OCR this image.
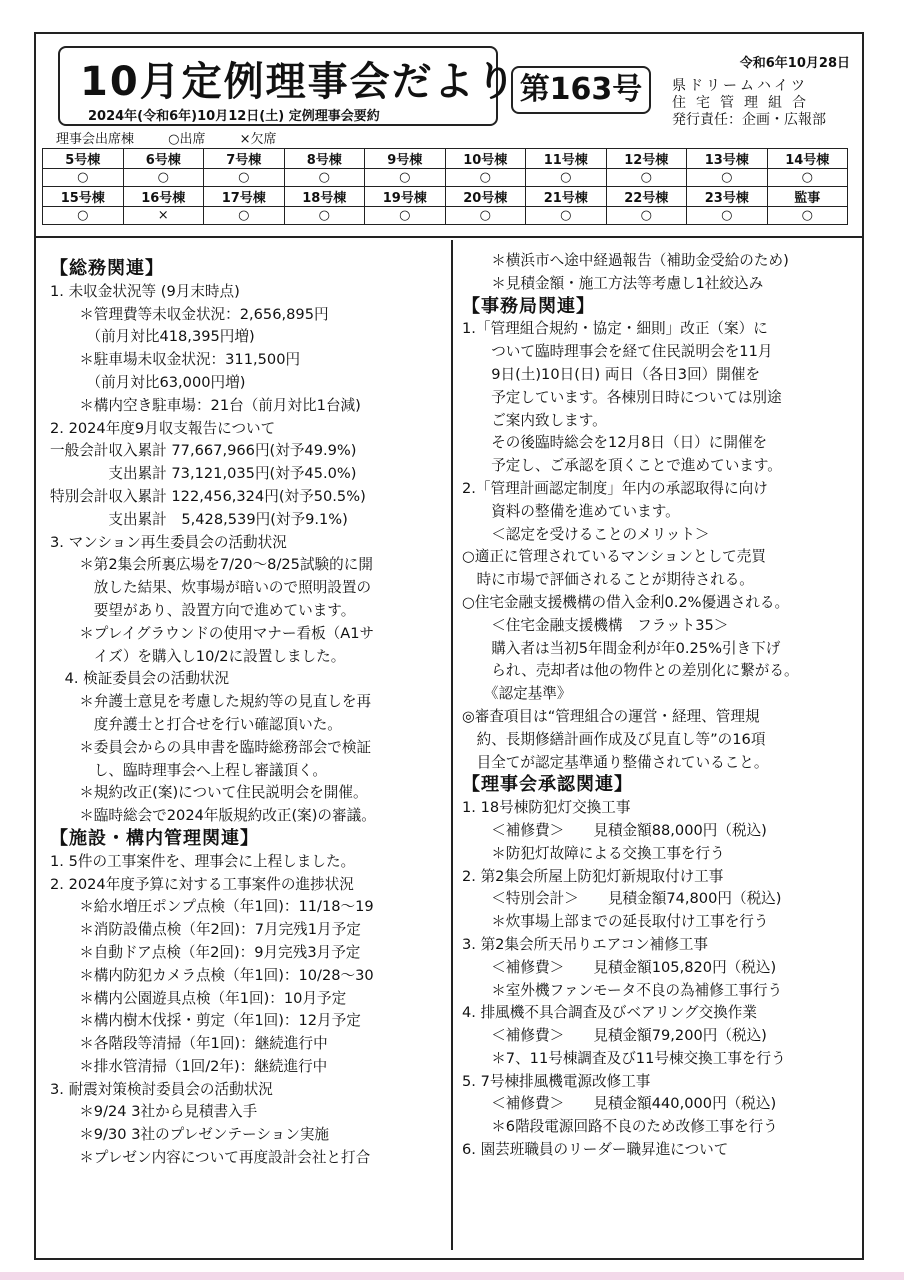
10月定例理事会だより
2024年(令和6年)10月12日(土) 定例理事会要約
第163号
令和6年10月28日
県ドリームハイツ
住宅管理組合
発行責任：企画・広報部
理事会出席棟	○出席	×欠席
5号棟	6号棟	7号棟	8号棟	9号棟	10号棟	11号棟	12号棟	13号棟	14号棟
○	○	○	○	○	○	○	○	○	○
15号棟	16号棟	17号棟	18号棟	19号棟	20号棟	21号棟	22号棟	23号棟	監事
○	×	○	○	○	○	○	○	○	○
【総務関連】
1. 未収金状況等 (9月末時点)
　　＊管理費等未収金状況：2,656,895円
　　　（前月対比418,395円増)
　　＊駐車場未収金状況：311,500円
　　　（前月対比63,000円増)
　　＊構内空き駐車場：21台（前月対比1台減)
2. 2024年度9月収支報告について
一般会計収入累計 77,667,966円(対予49.9%)
　　　　支出累計 73,121,035円(対予45.0%)
特別会計収入累計 122,456,324円(対予50.5%)
　　　　支出累計　5,428,539円(対予9.1%)
3. マンション再生委員会の活動状況
　　＊第2集会所裏広場を7/20～8/25試験的に開
　　　放した結果、炊事場が暗いので照明設置の
　　　要望があり、設置方向で進めています。
　　＊プレイグラウンドの使用マナー看板（A1サ
　　　イズ）を購入し10/2に設置しました。
　4. 検証委員会の活動状況
　　＊弁護士意見を考慮した規約等の見直しを再
　　　度弁護士と打合せを行い確認頂いた。
　　＊委員会からの具申書を臨時総務部会で検証
　　　し、臨時理事会へ上程し審議頂く。
　　＊規約改正(案)について住民説明会を開催。
　　＊臨時総会で2024年版規約改正(案)の審議。
【施設・構内管理関連】
1. 5件の工事案件を、理事会に上程しました。
2. 2024年度予算に対する工事案件の進捗状況
　　＊給水増圧ポンプ点検（年1回)：11/18～19
　　＊消防設備点検（年2回)：7月完残1月予定
　　＊自動ドア点検（年2回)：9月完残3月予定
　　＊構内防犯カメラ点検（年1回)：10/28～30
　　＊構内公園遊具点検（年1回)：10月予定
　　＊構内樹木伐採・剪定（年1回)：12月予定
　　＊各階段等清掃（年1回)：継続進行中
　　＊排水管清掃（1回/2年)：継続進行中
3. 耐震対策検討委員会の活動状況
　　＊9/24 3社から見積書入手
　　＊9/30 3社のプレゼンテーション実施
　　＊プレゼン内容について再度設計会社と打合
　　＊横浜市へ途中経過報告（補助金受給のため)
　　＊見積金額・施工方法等考慮し1社絞込み
【事務局関連】
1.「管理組合規約・協定・細則」改正（案）に
　　ついて臨時理事会を経て住民説明会を11月
　　9日(土)10日(日) 両日（各日3回）開催を
　　予定しています。各棟別日時については別途
　　ご案内致します。
　　その後臨時総会を12月8日（日）に開催を
　　予定し、ご承認を頂くことで進めています。
2.「管理計画認定制度」年内の承認取得に向け
　　資料の整備を進めています。
　　＜認定を受けることのメリット＞
○適正に管理されているマンションとして売買
　時に市場で評価されることが期待される。
○住宅金融支援機構の借入金利0.2%優遇される。
　　＜住宅金融支援機構　フラット35＞
　　購入者は当初5年間金利が年0.25%引き下げ
　　られ、売却者は他の物件との差別化に繋がる。
　　《認定基準》
◎審査項目は“管理組合の運営・経理、管理規
　約、長期修繕計画作成及び見直し等”の16項
　目全てが認定基準通り整備されていること。
【理事会承認関連】
1. 18号棟防犯灯交換工事
　　＜補修費＞　　見積金額88,000円（税込)
　　＊防犯灯故障による交換工事を行う
2. 第2集会所屋上防犯灯新規取付け工事
　　＜特別会計＞　　見積金額74,800円（税込)
　　＊炊事場上部までの延長取付け工事を行う
3. 第2集会所天吊りエアコン補修工事
　　＜補修費＞　　見積金額105,820円（税込)
　　＊室外機ファンモータ不良の為補修工事行う
4. 排風機不具合調査及びベアリング交換作業
　　＜補修費＞　　見積金額79,200円（税込)
　　＊7、11号棟調査及び11号棟交換工事を行う
5. 7号棟排風機電源改修工事
　　＜補修費＞　　見積金額440,000円（税込)
　　＊6階段電源回路不良のため改修工事を行う
6. 園芸班職員のリーダー職昇進について
